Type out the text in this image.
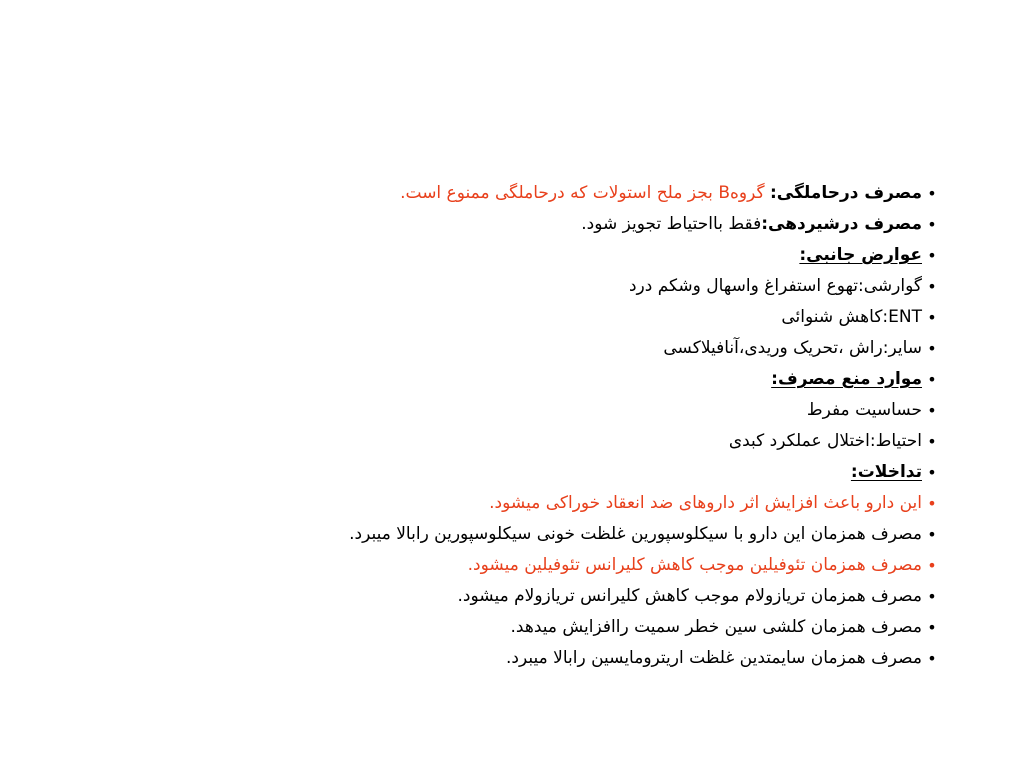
•
مصرف درحاملگی: گروهB بجز ملح استولات که درحاملگی ممنوع است.
•
مصرف درشیردهی:فقط بااحتیاط تجویز شود.
•
عوارض جانبی:
•
گوارشی:تهوع استفراغ واسهال وشکم درد
•
ENT:کاهش شنوائی
•
سایر:راش ،تحریک وریدی،آنافیلاکسی
•
موارد منع مصرف:
•
حساسیت مفرط
•
احتیاط:اختلال عملکرد کبدی
•
تداخلات:
•
این دارو باعث افزایش اثر داروهای ضد انعقاد خوراکی میشود.
•
مصرف همزمان این دارو با سیکلوسپورین غلظت خونی سیکلوسپورین رابالا میبرد.
•
مصرف همزمان تئوفیلین موجب کاهش کلیرانس تئوفیلین میشود.
•
مصرف همزمان تریازولام موجب کاهش کلیرانس تریازولام میشود.
•
مصرف همزمان کلشی سین خطر سمیت راافزایش میدهد.
•
مصرف همزمان سایمتدین غلظت اریترومایسین رابالا میبرد.
